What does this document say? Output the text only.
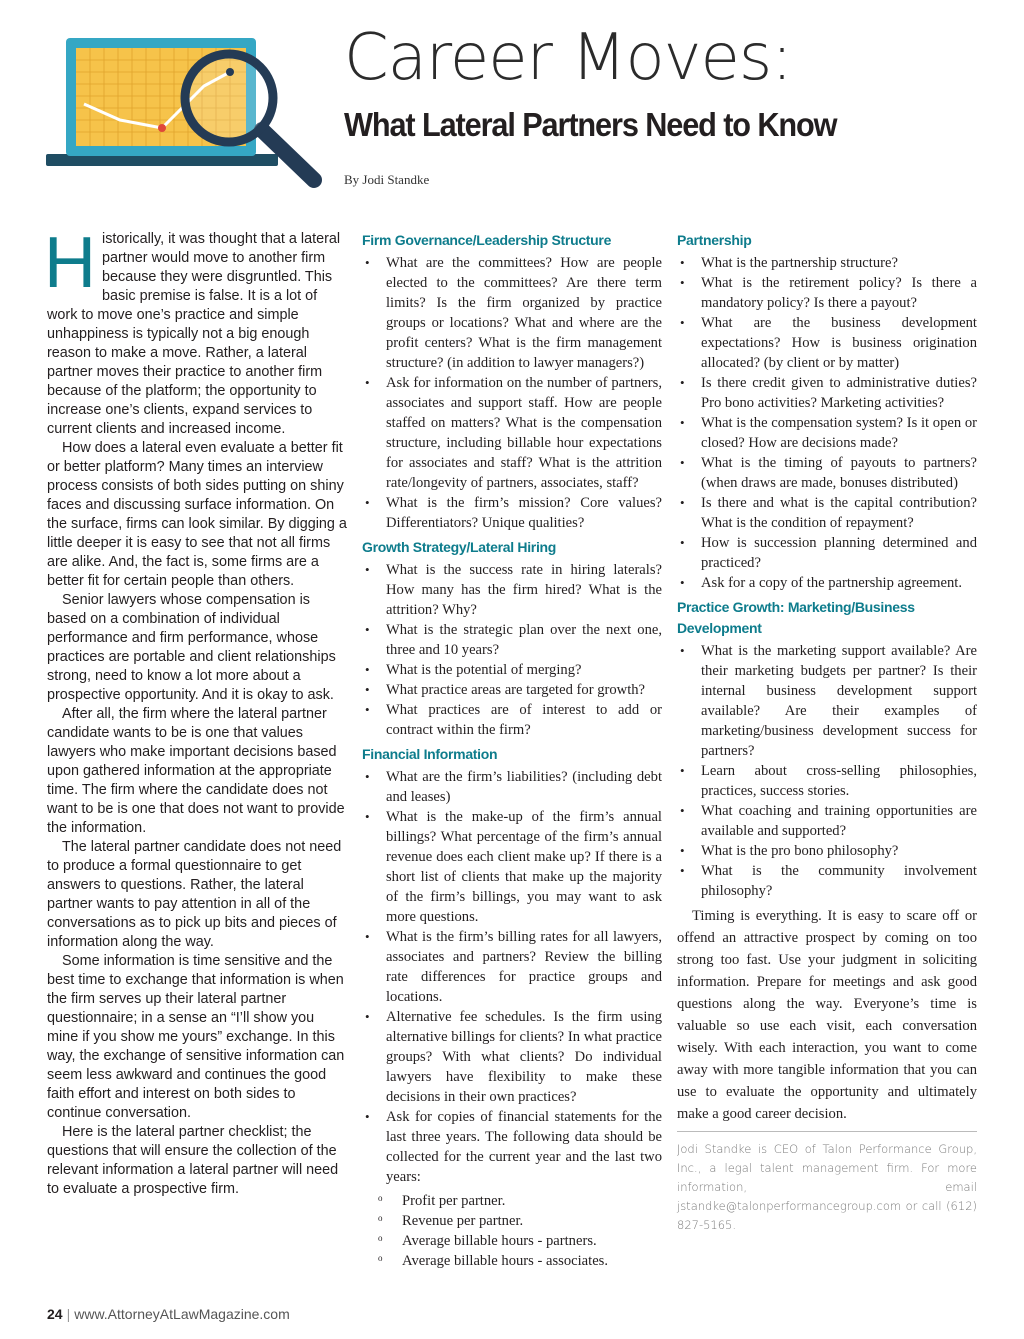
Career Moves:
What Lateral Partners Need to Know
By Jodi Standke

Historically, it was thought that a lateral partner would move to another firm because they were disgruntled. This basic premise is false. It is a lot of work to move one’s practice and simple unhappiness is typically not a big enough reason to make a move. Rather, a lateral partner moves their practice to another firm because of the platform; the opportunity to increase one’s clients, expand services to current clients and increased income.

How does a lateral even evaluate a better fit or better platform? Many times an interview process consists of both sides putting on shiny faces and discussing surface information. On the surface, firms can look similar. By digging a little deeper it is easy to see that not all firms are alike. And, the fact is, some firms are a better fit for certain people than others.

Senior lawyers whose compensation is based on a combination of individual performance and firm performance, whose practices are portable and client relationships strong, need to know a lot more about a prospective opportunity. And it is okay to ask.

After all, the firm where the lateral partner candidate wants to be is one that values lawyers who make important decisions based upon gathered information at the appropriate time. The firm where the candidate does not want to be is one that does not want to provide the information.

The lateral partner candidate does not need to produce a formal questionnaire to get answers to questions. Rather, the lateral partner wants to pay attention in all of the conversations as to pick up bits and pieces of information along the way.

Some information is time sensitive and the best time to exchange that information is when the firm serves up their lateral partner questionnaire; in a sense an “I’ll show you mine if you show me yours” exchange. In this way, the exchange of sensitive information can seem less awkward and continues the good faith effort and interest on both sides to continue conversation.

Here is the lateral partner checklist; the questions that will ensure the collection of the relevant information a lateral partner will need to evaluate a prospective firm.

Firm Governance/Leadership Structure
• What are the committees? How are people elected to the committees? Are there term limits? Is the firm organized by practice groups or locations? What and where are the profit centers? What is the firm management structure? (in addition to lawyer managers?)
• Ask for information on the number of partners, associates and support staff. How are people staffed on matters? What is the compensation structure, including billable hour expectations for associates and staff? What is the attrition rate/longevity of partners, associates, staff?
• What is the firm’s mission? Core values? Differentiators? Unique qualities?
Growth Strategy/Lateral Hiring
• What is the success rate in hiring laterals? How many has the firm hired? What is the attrition? Why?
• What is the strategic plan over the next one, three and 10 years?
• What is the potential of merging?
• What practice areas are targeted for growth?
• What practices are of interest to add or contract within the firm?
Financial Information
• What are the firm’s liabilities? (including debt and leases)
• What is the make-up of the firm’s annual billings? What percentage of the firm’s annual revenue does each client make up? If there is a short list of clients that make up the majority of the firm’s billings, you may want to ask more questions.
• What is the firm’s billing rates for all lawyers, associates and partners? Review the billing rate differences for practice groups and locations.
• Alternative fee schedules. Is the firm using alternative billings for clients? In what practice groups? With what clients? Do individual lawyers have flexibility to make these decisions in their own practices?
• Ask for copies of financial statements for the last three years. The following data should be collected for the current year and the last two years:
o Profit per partner.
o Revenue per partner.
o Average billable hours - partners.
o Average billable hours - associates.
Partnership
• What is the partnership structure?
• What is the retirement policy? Is there a mandatory policy? Is there a payout?
• What are the business development expectations? How is business origination allocated? (by client or by matter)
• Is there credit given to administrative duties? Pro bono activities? Marketing activities?
• What is the compensation system? Is it open or closed? How are decisions made?
• What is the timing of payouts to partners? (when draws are made, bonuses distributed)
• Is there and what is the capital contribution? What is the condition of repayment?
• How is succession planning determined and practiced?
• Ask for a copy of the partnership agreement.
Practice Growth: Marketing/Business Development
• What is the marketing support available? Are their marketing budgets per partner? Is their internal business development support available? Are their examples of marketing/business development success for partners?
• Learn about cross-selling philosophies, practices, success stories.
• What coaching and training opportunities are available and supported?
• What is the pro bono philosophy?
• What is the community involvement philosophy?

Timing is everything. It is easy to scare off or offend an attractive prospect by coming on too strong too fast. Use your judgment in soliciting information. Prepare for meetings and ask good questions along the way. Everyone’s time is valuable so use each visit, each conversation wisely. With each interaction, you want to come away with more tangible information that you can use to evaluate the opportunity and ultimately make a good career decision.

Jodi Standke is CEO of Talon Performance Group, Inc., a legal talent management firm. For more information, email jstandke@talonperformancegroup.com or call (612) 827-5165.
24 | www.AttorneyAtLawMagazine.com
